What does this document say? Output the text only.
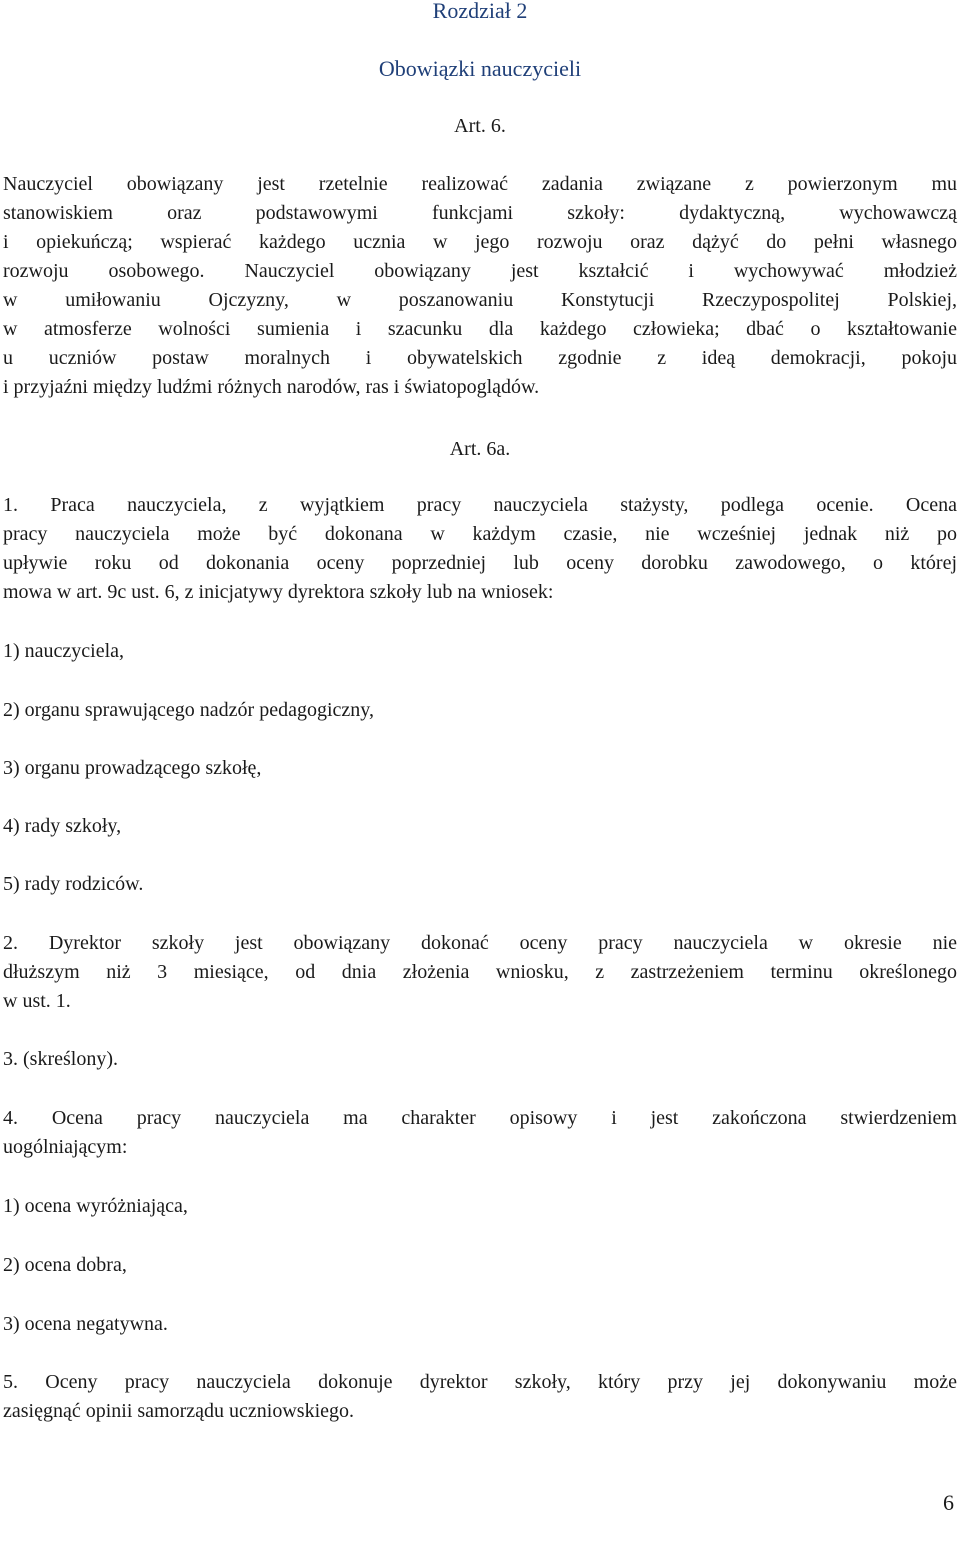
Rozdział 2
Obowiązki nauczycieli
Art. 6.
Nauczyciel obowiązany jest rzetelnie realizować zadania związane z powierzonym mu
stanowiskiem oraz podstawowymi funkcjami szkoły: dydaktyczną, wychowawczą
i opiekuńczą; wspierać każdego ucznia w jego rozwoju oraz dążyć do pełni własnego
rozwoju osobowego. Nauczyciel obowiązany jest kształcić i wychowywać młodzież
w umiłowaniu Ojczyzny, w poszanowaniu Konstytucji Rzeczypospolitej Polskiej,
w atmosferze wolności sumienia i szacunku dla każdego człowieka; dbać o kształtowanie
u uczniów postaw moralnych i obywatelskich zgodnie z ideą demokracji, pokoju
i przyjaźni między ludźmi różnych narodów, ras i światopoglądów.
Art. 6a.
1. Praca nauczyciela, z wyjątkiem pracy nauczyciela stażysty, podlega ocenie. Ocena
pracy nauczyciela może być dokonana w każdym czasie, nie wcześniej jednak niż po
upływie roku od dokonania oceny poprzedniej lub oceny dorobku zawodowego, o której
mowa w art. 9c ust. 6, z inicjatywy dyrektora szkoły lub na wniosek:
1) nauczyciela,
2) organu sprawującego nadzór pedagogiczny,
3) organu prowadzącego szkołę,
4) rady szkoły,
5) rady rodziców.
2. Dyrektor szkoły jest obowiązany dokonać oceny pracy nauczyciela w okresie nie
dłuższym niż 3 miesiące, od dnia złożenia wniosku, z zastrzeżeniem terminu określonego
w ust. 1.
3. (skreślony).
4. Ocena pracy nauczyciela ma charakter opisowy i jest zakończona stwierdzeniem
uogólniającym:
1) ocena wyróżniająca,
2) ocena dobra,
3) ocena negatywna.
5. Oceny pracy nauczyciela dokonuje dyrektor szkoły, który przy jej dokonywaniu może
zasięgnąć opinii samorządu uczniowskiego.
6
